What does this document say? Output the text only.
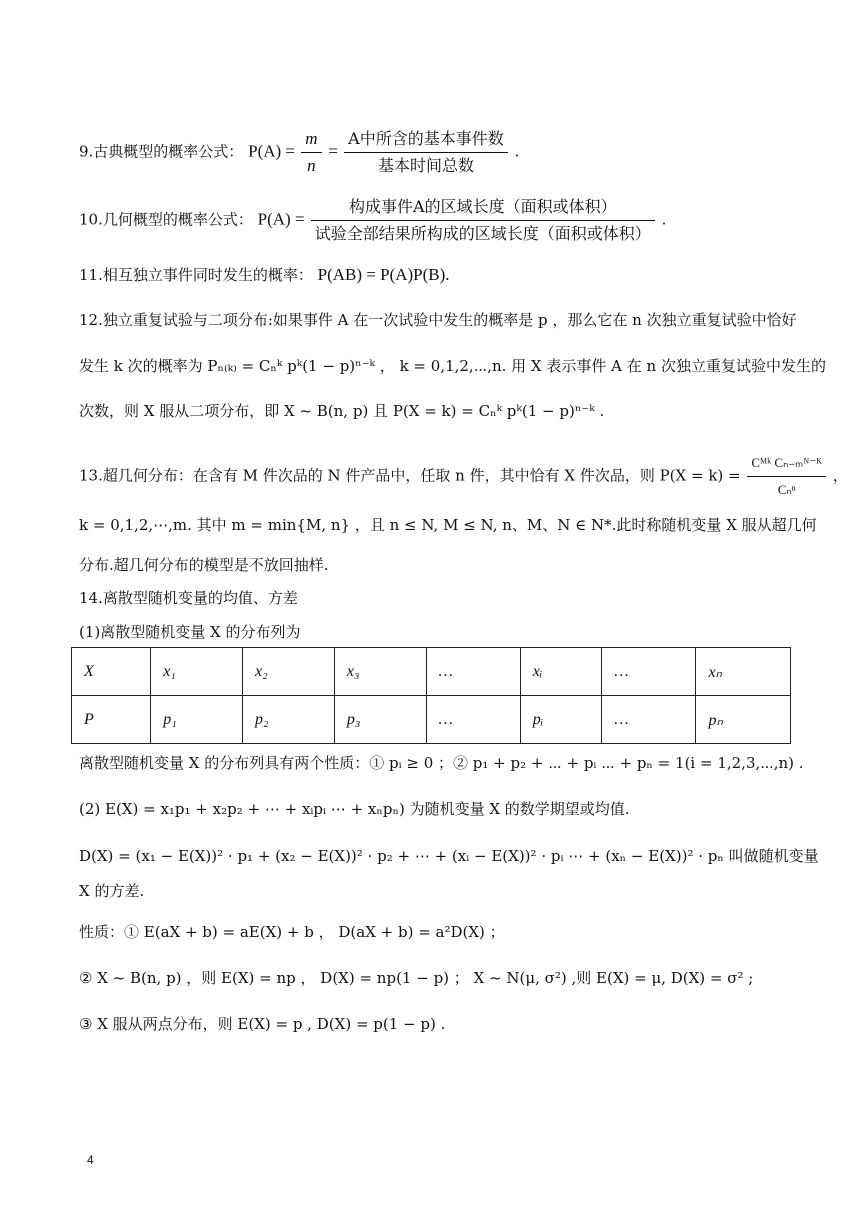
9.古典概型的概率公式： $P(A) = \frac{m}{n} = \frac{\text{A中所含的基本事件数}}{\text{基本时间总数}}$ .
10.几何概型的概率公式： $P(A) = \frac{\text{构成事件A的区域长度（面积或体积）}}{\text{试验全部结果所构成的区域长度（面积或体积）}}$ .
11.相互独立事件同时发生的概率： P(AB) = P(A)P(B).
12.独立重复试验与二项分布:如果事件 A 在一次试验中发生的概率是 p ，那么它在 n 次独立重复试验中恰好
发生 k 次的概率为 Pₙ₍ₖ₎ = Cₙᵏ pᵏ(1 − p)ⁿ⁻ᵏ ， k = 0,1,2,⋯,n. 用 X 表示事件 A 在 n 次独立重复试验中发生的
次数，则 X 服从二项分布，即 X ~ B(n, p) 且 P(X = k) = Cₙᵏ pᵏ(1 − p)ⁿ⁻ᵏ .
13.超几何分布：在含有 M 件次品的 N 件产品中，任取 n 件，其中恰有 X 件次品，则 $P(X = k) = \frac{\text{Cᴹᵏ Cₙ₋ₘᴺ⁻ᴷ}}{\text{Cₙⁿ}}$ ，
k = 0,1,2,⋯,m. 其中 m = min{M, n} ，且 n ≤ N, M ≤ N, n、M、N ∈ N*.此时称随机变量 X 服从超几何
分布.超几何分布的模型是不放回抽样.
14.离散型随机变量的均值、方差
(1)离散型随机变量 X 的分布列为
X	x₁	x₂	x₃	…	xᵢ	…	xₙ
P	p₁	p₂	p₃	…	pᵢ	…	pₙ
离散型随机变量 X 的分布列具有两个性质：① pᵢ ≥ 0 ；② p₁ + p₂ + ⋯ + pᵢ ⋯ + pₙ = 1(i = 1,2,3,⋯,n) .
(2) E(X) = x₁p₁ + x₂p₂ + ⋯ + xᵢpᵢ ⋯ + xₙpₙ) 为随机变量 X 的数学期望或均值.
D(X) = (x₁ − E(X))² · p₁ + (x₂ − E(X))² · p₂ + ⋯ + (xᵢ − E(X))² · pᵢ ⋯ + (xₙ − E(X))² · pₙ 叫做随机变量
X 的方差.
性质：① E(aX + b) = aE(X) + b ， D(aX + b) = a²D(X) ；
② X ~ B(n, p) ，则 E(X) = np ， D(X) = np(1 − p) ； X ~ N(μ, σ²) ,则 E(X) = μ, D(X) = σ² ;
③ X 服从两点分布，则 E(X) = p , D(X) = p(1 − p) .
4
